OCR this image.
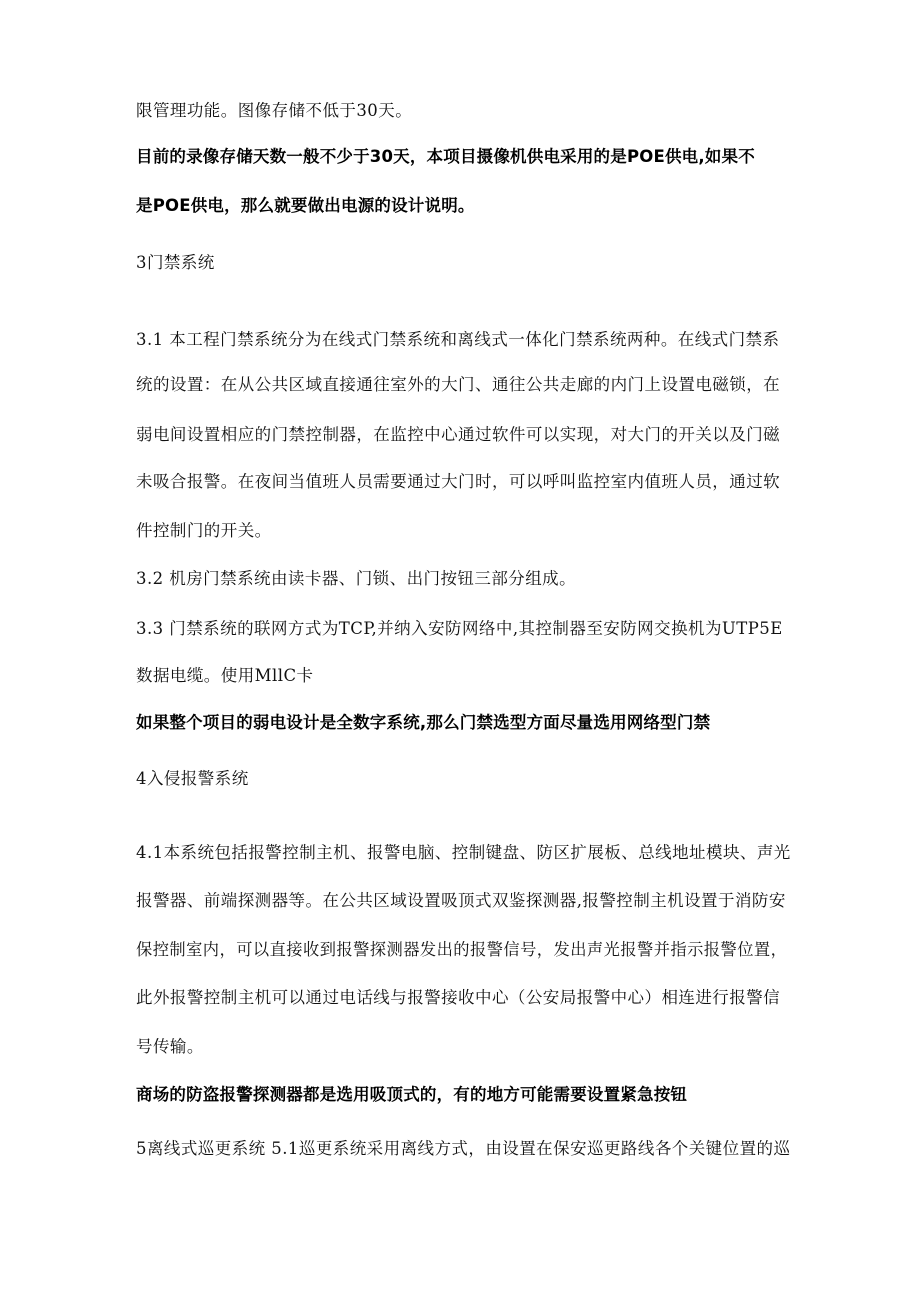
限管理功能。图像存储不低于30天。
目前的录像存储天数一般不少于30天，本项目摄像机供电采用的是POE供电,如果不
是POE供电，那么就要做出电源的设计说明。
3门禁系统
3.1 本工程门禁系统分为在线式门禁系统和离线式一体化门禁系统两种。在线式门禁系
统的设置：在从公共区域直接通往室外的大门、通往公共走廊的内门上设置电磁锁，在
弱电间设置相应的门禁控制器，在监控中心通过软件可以实现，对大门的开关以及门磁
未吸合报警。在夜间当值班人员需要通过大门时，可以呼叫监控室内值班人员，通过软
件控制门的开关。
3.2 机房门禁系统由读卡器、门锁、出门按钮三部分组成。
3.3 门禁系统的联网方式为TCP,并纳入安防网络中,其控制器至安防网交换机为UTP5E
数据电缆。使用MllC卡
如果整个项目的弱电设计是全数字系统,那么门禁选型方面尽量选用网络型门禁
4入侵报警系统
4.1本系统包括报警控制主机、报警电脑、控制键盘、防区扩展板、总线地址模块、声光
报警器、前端探测器等。在公共区域设置吸顶式双鉴探测器,报警控制主机设置于消防安
保控制室内，可以直接收到报警探测器发出的报警信号，发出声光报警并指示报警位置，
此外报警控制主机可以通过电话线与报警接收中心（公安局报警中心）相连进行报警信
号传输。
商场的防盗报警探测器都是选用吸顶式的，有的地方可能需要设置紧急按钮
5离线式巡更系统 5.1巡更系统采用离线方式，由设置在保安巡更路线各个关键位置的巡
